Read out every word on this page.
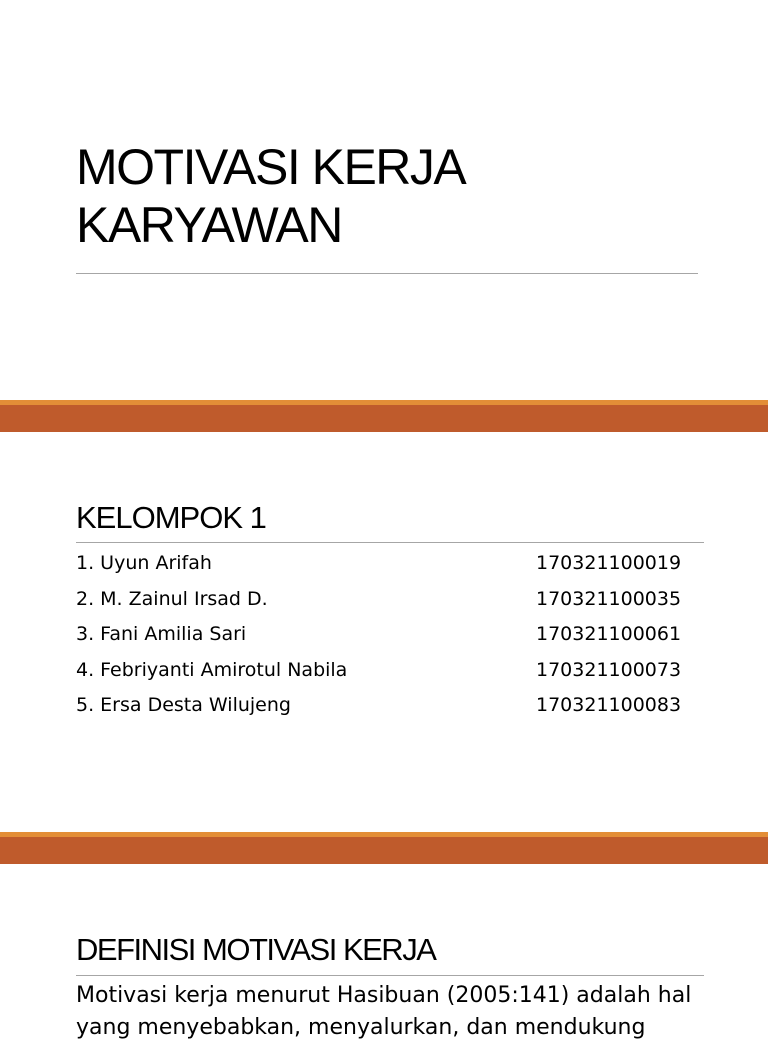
MOTIVASI KERJA
KARYAWAN
KELOMPOK 1
1. Uyun Arifah	170321100019
2. M. Zainul Irsad D.	170321100035
3. Fani Amilia Sari	170321100061
4. Febriyanti Amirotul Nabila	170321100073
5. Ersa Desta Wilujeng	170321100083
DEFINISI MOTIVASI KERJA
Motivasi kerja menurut Hasibuan (2005:141) adalah hal yang menyebabkan, menyalurkan, dan mendukung
